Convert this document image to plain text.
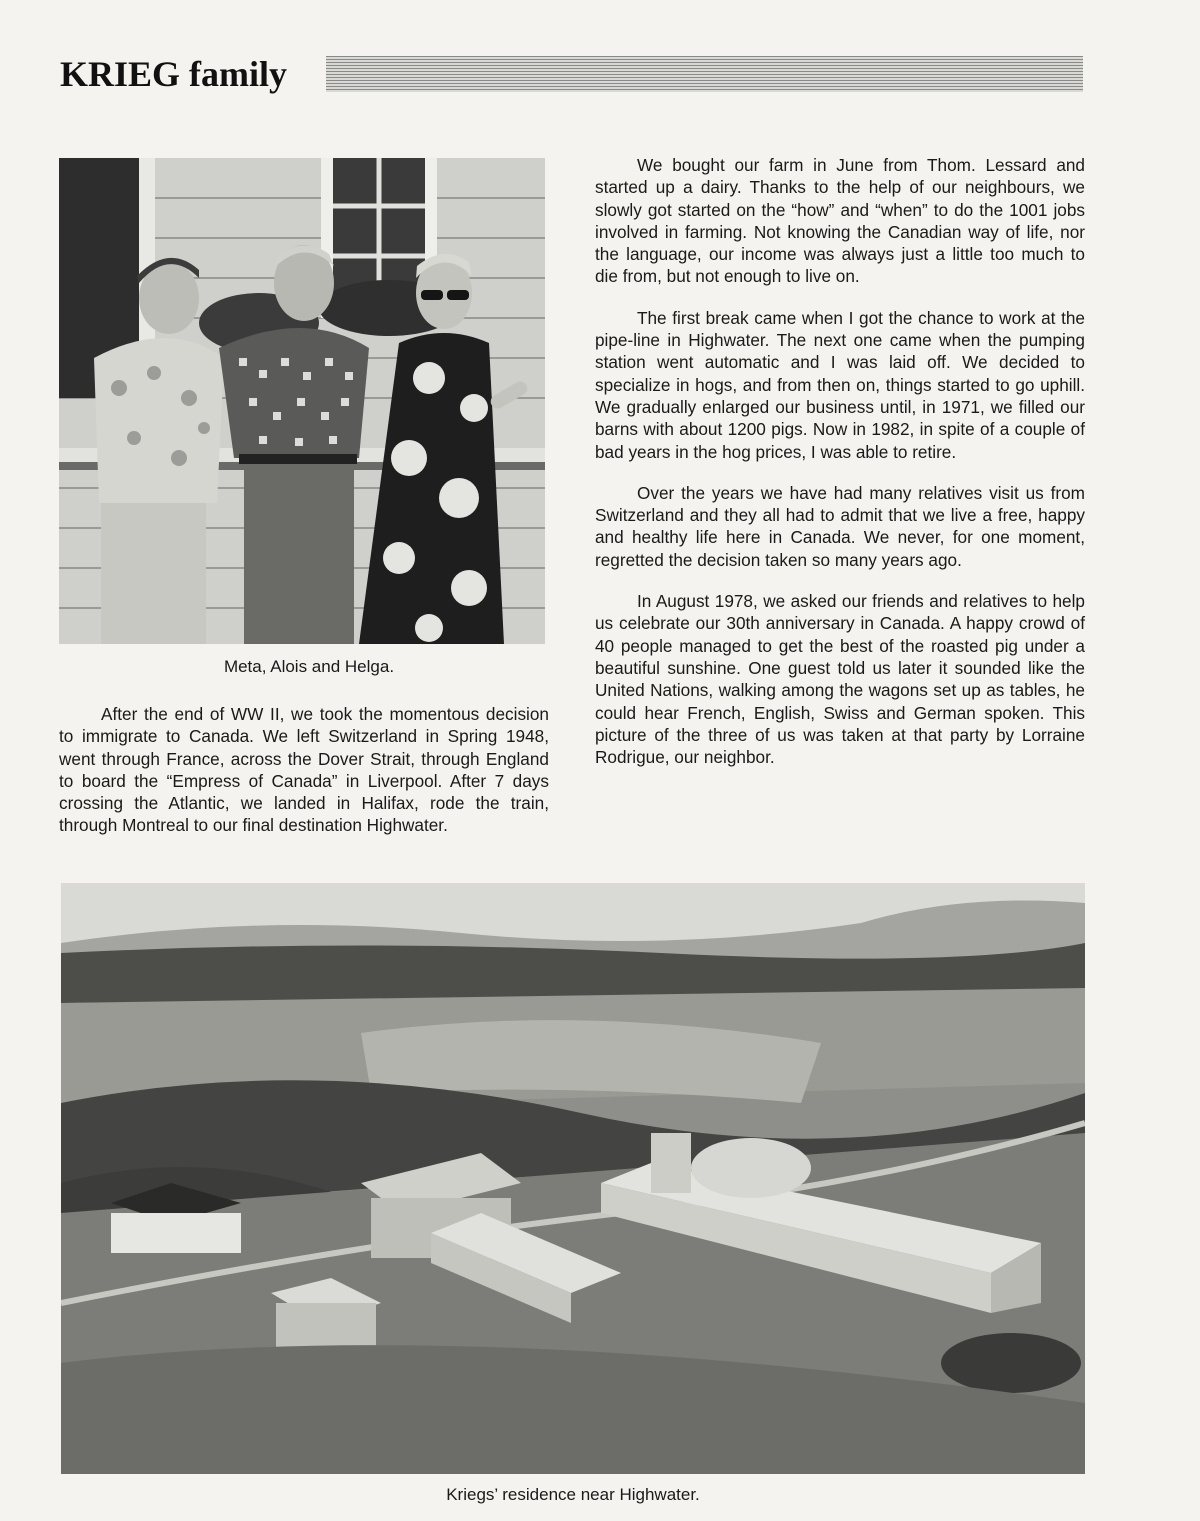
KRIEG family

Meta, Alois and Helga.

After the end of WW II, we took the momentous decision to immigrate to Canada. We left Switzerland in Spring 1948, went through France, across the Dover Strait, through England to board the “Empress of Canada” in Liverpool. After 7 days crossing the Atlantic, we landed in Halifax, rode the train, through Montreal to our final destination Highwater.

We bought our farm in June from Thom. Lessard and started up a dairy. Thanks to the help of our neighbours, we slowly got started on the “how” and “when” to do the 1001 jobs involved in farming. Not knowing the Canadian way of life, nor the language, our income was always just a little too much to die from, but not enough to live on.

The first break came when I got the chance to work at the pipe-line in Highwater. The next one came when the pumping station went automatic and I was laid off. We decided to specialize in hogs, and from then on, things started to go uphill. We gradually enlarged our business until, in 1971, we filled our barns with about 1200 pigs. Now in 1982, in spite of a couple of bad years in the hog prices, I was able to retire.

Over the years we have had many relatives visit us from Switzerland and they all had to admit that we live a free, happy and healthy life here in Canada. We never, for one moment, regretted the decision taken so many years ago.

In August 1978, we asked our friends and relatives to help us celebrate our 30th anniversary in Canada. A happy crowd of 40 people managed to get the best of the roasted pig under a beautiful sunshine. One guest told us later it sounded like the United Nations, walking among the wagons set up as tables, he could hear French, English, Swiss and German spoken. This picture of the three of us was taken at that party by Lorraine Rodrigue, our neighbor.

Kriegs’ residence near Highwater.
